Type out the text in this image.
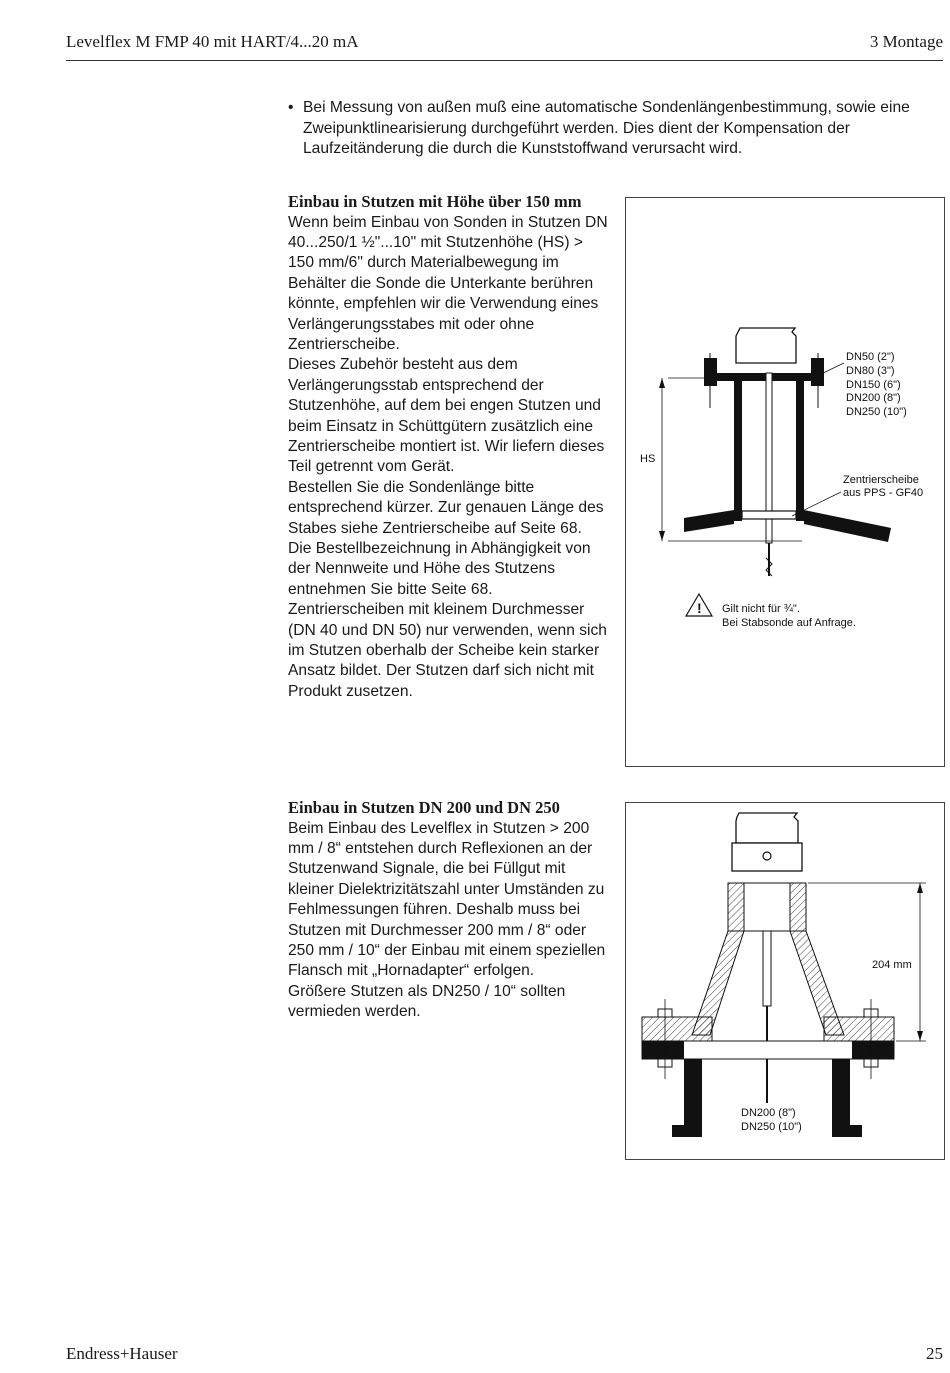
Levelflex M FMP 40 mit HART/4...20 mA	3 Montage
• Bei Messung von außen muß eine automatische Sondenlängenbestimmung, sowie eine Zweipunktlinearisierung durchgeführt werden. Dies dient der Kompensation der Laufzeitänderung die durch die Kunststoffwand verursacht wird.
Einbau in Stutzen mit Höhe über 150 mm

Wenn beim Einbau von Sonden in Stutzen DN 40...250/1 ½"...10" mit Stutzenhöhe (HS) > 150 mm/6" durch Materialbewegung im Behälter die Sonde die Unterkante berühren könnte, empfehlen wir die Verwendung eines Verlängerungsstabes mit oder ohne Zentrierscheibe.

Dieses Zubehör besteht aus dem Verlängerungsstab entsprechend der Stutzenhöhe, auf dem bei engen Stutzen und beim Einsatz in Schüttgütern zusätzlich eine Zentrierscheibe montiert ist. Wir liefern dieses Teil getrennt vom Gerät.

Bestellen Sie die Sondenlänge bitte entsprechend kürzer. Zur genauen Länge des Stabes siehe Zentrierscheibe auf Seite 68.

Die Bestellbezeichnung in Abhängigkeit von der Nennweite und Höhe des Stutzens entnehmen Sie bitte Seite 68.

Zentrierscheiben mit kleinem Durchmesser (DN 40 und DN 50) nur verwenden, wenn sich im Stutzen oberhalb der Scheibe kein starker Ansatz bildet. Der Stutzen darf sich nicht mit Produkt zusetzen.

HS
DN50 (2")
DN80 (3")
DN150 (6")
DN200 (8")
DN250 (10")
Zentrierscheibe
aus PPS - GF40
! Gilt nicht für ¾".
Bei Stabsonde auf Anfrage.
Einbau in Stutzen DN 200 und DN 250

Beim Einbau des Levelflex in Stutzen > 200 mm / 8“ entstehen durch Reflexionen an der Stutzenwand Signale, die bei Füllgut mit kleiner Dielektrizitätszahl unter Umständen zu Fehlmessungen führen. Deshalb muss bei Stutzen mit Durchmesser 200 mm / 8“ oder 250 mm / 10“ der Einbau mit einem speziellen Flansch mit „Hornadapter“ erfolgen.

Größere Stutzen als DN250 / 10“ sollten vermieden werden.

204 mm
DN200 (8")
DN250 (10")
Endress+Hauser	25
